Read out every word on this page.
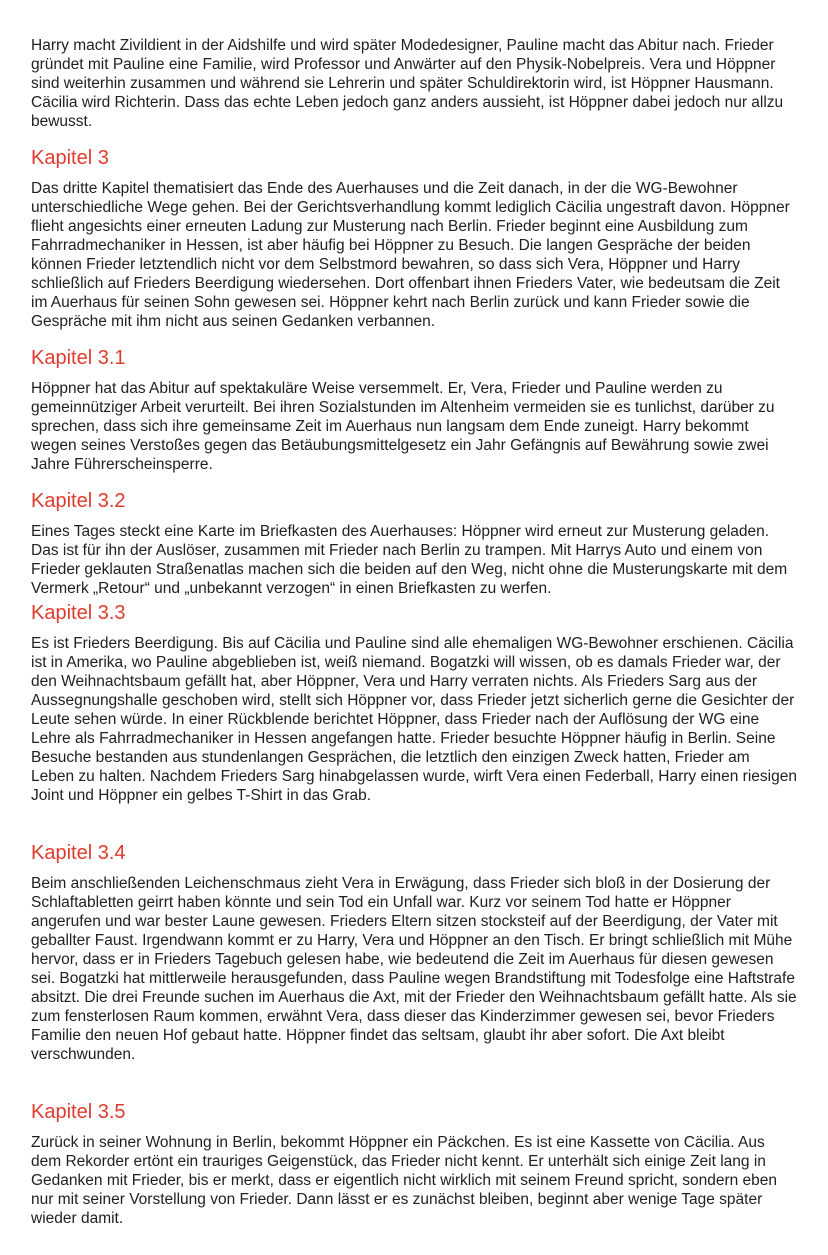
Harry macht Zivildient in der Aidshilfe und wird später Modedesigner, Pauline macht das Abitur nach. Frieder gründet mit Pauline eine Familie, wird Professor und Anwärter auf den Physik-Nobelpreis. Vera und Höppner sind weiterhin zusammen und während sie Lehrerin und später Schuldirektorin wird, ist Höppner Hausmann. Cäcilia wird Richterin. Dass das echte Leben jedoch ganz anders aussieht, ist Höppner dabei jedoch nur allzu bewusst.

Kapitel 3

Das dritte Kapitel thematisiert das Ende des Auerhauses und die Zeit danach, in der die WG-Bewohner unterschiedliche Wege gehen. Bei der Gerichtsverhandlung kommt lediglich Cäcilia ungestraft davon. Höppner flieht angesichts einer erneuten Ladung zur Musterung nach Berlin. Frieder beginnt eine Ausbildung zum Fahrradmechaniker in Hessen, ist aber häufig bei Höppner zu Besuch. Die langen Gespräche der beiden können Frieder letztendlich nicht vor dem Selbstmord bewahren, so dass sich Vera, Höppner und Harry schließlich auf Frieders Beerdigung wiedersehen. Dort offenbart ihnen Frieders Vater, wie bedeutsam die Zeit im Auerhaus für seinen Sohn gewesen sei. Höppner kehrt nach Berlin zurück und kann Frieder sowie die Gespräche mit ihm nicht aus seinen Gedanken verbannen.

Kapitel 3.1

Höppner hat das Abitur auf spektakuläre Weise versemmelt. Er, Vera, Frieder und Pauline werden zu gemeinnütziger Arbeit verurteilt. Bei ihren Sozialstunden im Altenheim vermeiden sie es tunlichst, darüber zu sprechen, dass sich ihre gemeinsame Zeit im Auerhaus nun langsam dem Ende zuneigt. Harry bekommt wegen seines Verstoßes gegen das Betäubungsmittelgesetz ein Jahr Gefängnis auf Bewährung sowie zwei Jahre Führerscheinsperre.

Kapitel 3.2

Eines Tages steckt eine Karte im Briefkasten des Auerhauses: Höppner wird erneut zur Musterung geladen. Das ist für ihn der Auslöser, zusammen mit Frieder nach Berlin zu trampen. Mit Harrys Auto und einem von Frieder geklauten Straßenatlas machen sich die beiden auf den Weg, nicht ohne die Musterungskarte mit dem Vermerk „Retour“ und „unbekannt verzogen“ in einen Briefkasten zu werfen.

Kapitel 3.3

Es ist Frieders Beerdigung. Bis auf Cäcilia und Pauline sind alle ehemaligen WG-Bewohner erschienen. Cäcilia ist in Amerika, wo Pauline abgeblieben ist, weiß niemand. Bogatzki will wissen, ob es damals Frieder war, der den Weihnachtsbaum gefällt hat, aber Höppner, Vera und Harry verraten nichts. Als Frieders Sarg aus der Aussegnungshalle geschoben wird, stellt sich Höppner vor, dass Frieder jetzt sicherlich gerne die Gesichter der Leute sehen würde. In einer Rückblende berichtet Höppner, dass Frieder nach der Auflösung der WG eine Lehre als Fahrradmechaniker in Hessen angefangen hatte. Frieder besuchte Höppner häufig in Berlin. Seine Besuche bestanden aus stundenlangen Gesprächen, die letztlich den einzigen Zweck hatten, Frieder am Leben zu halten. Nachdem Frieders Sarg hinabgelassen wurde, wirft Vera einen Federball, Harry einen riesigen Joint und Höppner ein gelbes T-Shirt in das Grab.

Kapitel 3.4

Beim anschließenden Leichenschmaus zieht Vera in Erwägung, dass Frieder sich bloß in der Dosierung der Schlaftabletten geirrt haben könnte und sein Tod ein Unfall war. Kurz vor seinem Tod hatte er Höppner angerufen und war bester Laune gewesen. Frieders Eltern sitzen stocksteif auf der Beerdigung, der Vater mit geballter Faust. Irgendwann kommt er zu Harry, Vera und Höppner an den Tisch. Er bringt schließlich mit Mühe hervor, dass er in Frieders Tagebuch gelesen habe, wie bedeutend die Zeit im Auerhaus für diesen gewesen sei. Bogatzki hat mittlerweile herausgefunden, dass Pauline wegen Brandstiftung mit Todesfolge eine Haftstrafe absitzt. Die drei Freunde suchen im Auerhaus die Axt, mit der Frieder den Weihnachtsbaum gefällt hatte. Als sie zum fensterlosen Raum kommen, erwähnt Vera, dass dieser das Kinderzimmer gewesen sei, bevor Frieders Familie den neuen Hof gebaut hatte. Höppner findet das seltsam, glaubt ihr aber sofort. Die Axt bleibt verschwunden.

Kapitel 3.5

Zurück in seiner Wohnung in Berlin, bekommt Höppner ein Päckchen. Es ist eine Kassette von Cäcilia. Aus dem Rekorder ertönt ein trauriges Geigenstück, das Frieder nicht kennt. Er unterhält sich einige Zeit lang in Gedanken mit Frieder, bis er merkt, dass er eigentlich nicht wirklich mit seinem Freund spricht, sondern eben nur mit seiner Vorstellung von Frieder. Dann lässt er es zunächst bleiben, beginnt aber wenige Tage später wieder damit.
